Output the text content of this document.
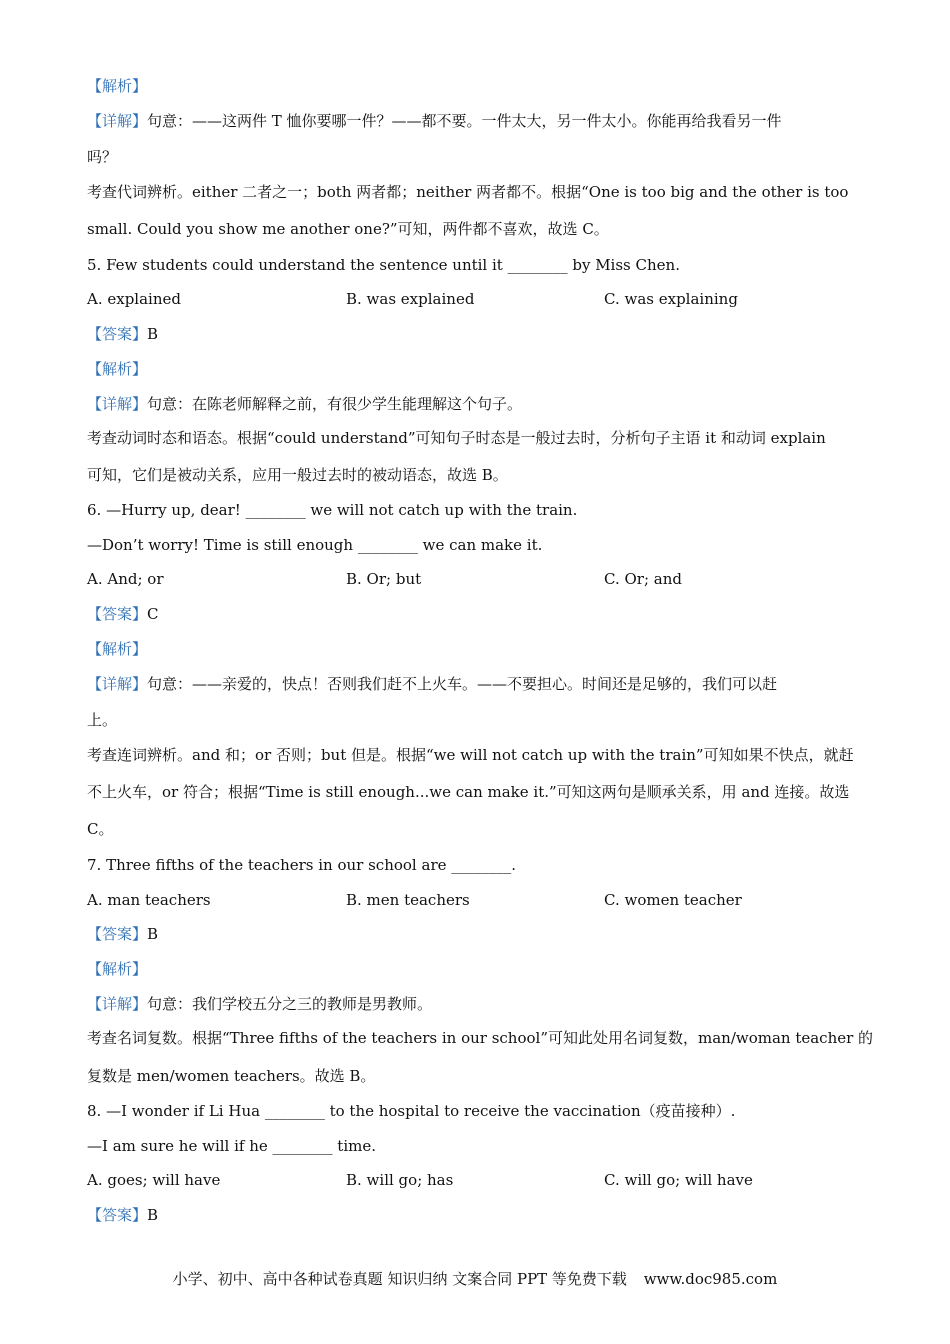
【解析】
【详解】句意：——这两件 T 恤你要哪一件？——都不要。一件太大，另一件太小。你能再给我看另一件
吗？
考查代词辨析。either 二者之一；both 两者都；neither 两者都不。根据“One is too big and the other is too
small. Could you show me another one?”可知，两件都不喜欢，故选 C。
5. Few students could understand the sentence until it ________ by Miss Chen.
A. explained	B. was explained	C. was explaining
【答案】B
【解析】
【详解】句意：在陈老师解释之前，有很少学生能理解这个句子。
考查动词时态和语态。根据“could understand”可知句子时态是一般过去时，分析句子主语 it 和动词 explain
可知，它们是被动关系，应用一般过去时的被动语态，故选 B。
6. —Hurry up, dear! ________ we will not catch up with the train.
—Don’t worry! Time is still enough ________ we can make it.
A. And; or	B. Or; but	C. Or; and
【答案】C
【解析】
【详解】句意：——亲爱的，快点！否则我们赶不上火车。——不要担心。时间还是足够的，我们可以赶
上。
考查连词辨析。and 和；or 否则；but 但是。根据“we will not catch up with the train”可知如果不快点，就赶
不上火车，or 符合；根据“Time is still enough...we can make it.”可知这两句是顺承关系，用 and 连接。故选
C。
7. Three fifths of the teachers in our school are ________.
A. man teachers	B. men teachers	C. women teacher
【答案】B
【解析】
【详解】句意：我们学校五分之三的教师是男教师。
考查名词复数。根据“Three fifths of the teachers in our school”可知此处用名词复数，man/woman teacher 的
复数是 men/women teachers。故选 B。
8. —I wonder if Li Hua ________ to the hospital to receive the vaccination（疫苗接种）.
—I am sure he will if he ________ time.
A. goes; will have	B. will go; has	C. will go; will have
【答案】B
小学、初中、高中各种试卷真题 知识归纳 文案合同 PPT 等免费下载 www.doc985.com
